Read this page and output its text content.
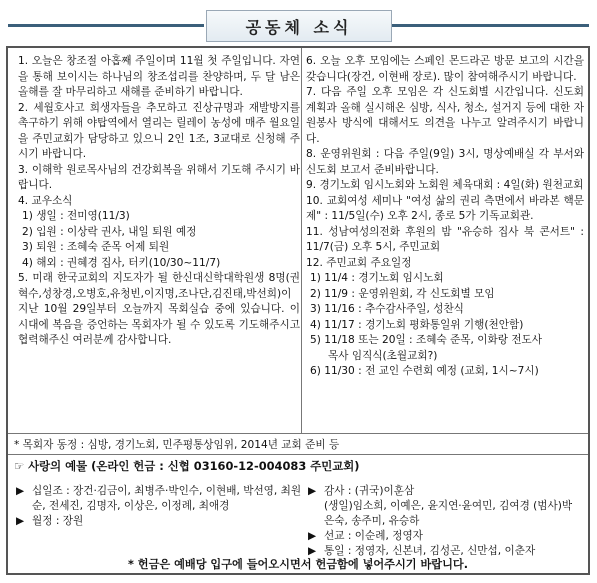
공동체 소식
1. 오늘은 창조절 아홉째 주일이며 11월 첫 주일입니다. 자연을 통해 보이시는 하나님의 창조섭리를 찬양하며, 두 달 남은 올해를 잘 마무리하고 새해를 준비하기 바랍니다.
2. 세월호사고 희생자들을 추모하고 진상규명과 재발방지를 촉구하기 위해 야탑역에서 열리는 릴레이 농성에 매주 월요일을 주민교회가 담당하고 있으니 2인 1조, 3교대로 신청해 주시기 바랍니다.
3. 이해학 원로목사님의 건강회복을 위해서 기도해 주시기 바랍니다.
4. 교우소식
1) 생일 : 전미영(11/3)
2) 입원 : 이상락 권사, 내일 퇴원 예정
3) 퇴원 : 조혜숙 준목 어제 퇴원
4) 해외 : 권혜경 집사, 터키(10/30~11/7)
5. 미래 한국교회의 지도자가 될 한신대신학대학원생 8명(권혁수,성창경,오병호,유청빈,이지명,조나단,김진태,박선희)이 지난 10월 29일부터 오늘까지 목회실습 중에 있습니다. 이 시대에 복음을 증언하는 목회자가 될 수 있도록 기도해주시고 협력해주신 여러분께 감사합니다.
6. 오늘 오후 모임에는 스페인 몬드라곤 방문 보고의 시간을 갖습니다(장건, 이현배 장로). 많이 참여해주시기 바랍니다.
7. 다음 주일 오후 모임은 각 신도회별 시간입니다. 신도회 계획과 올해 실시해온 심방, 식사, 청소, 설거지 등에 대한 자원봉사 방식에 대해서도 의견을 나누고 알려주시기 바랍니다.
8. 운영위원회 : 다음 주일(9일) 3시, 명상예배실 각 부서와 신도회 보고서 준비바랍니다.
9. 경기노회 임시노회와 노회원 체육대회 : 4일(화) 원천교회
10. 교회여성 세미나 "여성 삶의 권리 측면에서 바라본 핵문제" : 11/5일(수) 오후 2시, 종로 5가 기독교회관.
11. 성남여성의전화 후원의 밤 "유승하 집사 북 콘서트" : 11/7(금) 오후 5시, 주민교회
12. 주민교회 주요일정
1) 11/4 : 경기노회 임시노회
2) 11/9 : 운영위원회, 각 신도회별 모임
3) 11/16 : 추수감사주일, 성찬식
4) 11/17 : 경기노회 평화통일위 기행(천안함)
5) 11/18 또는 20일 : 조혜숙 준목, 이화랑 전도사
목사 임직식(초월교회?)
6) 11/30 : 전 교인 수련회 예정 (교회, 1시~7시)
* 목회자 동정 : 심방, 경기노회, 민주평통상임위, 2014년 교회 준비 등
☞ 사랑의 예물 (온라인 헌금 : 신협 03160-12-004083 주민교회)
▶ 십일조 : 장건·김금이, 최병주·박인수, 이현배, 박선영, 최원순, 전세진, 김명자, 이상은, 이정례, 최애경
▶ 월정 : 장원
▶ 감사 : (귀국)이훈삼
(생일)임소희, 이예은, 윤지연·윤여민, 김여경 (범사)박은숙, 송주미, 유승하
▶ 선교 : 이순례, 정영자
▶ 통일 : 정영자, 신본녀, 김성곤, 신만섭, 이춘자
* 헌금은 예배당 입구에 들어오시면서 헌금함에 넣어주시기 바랍니다.
